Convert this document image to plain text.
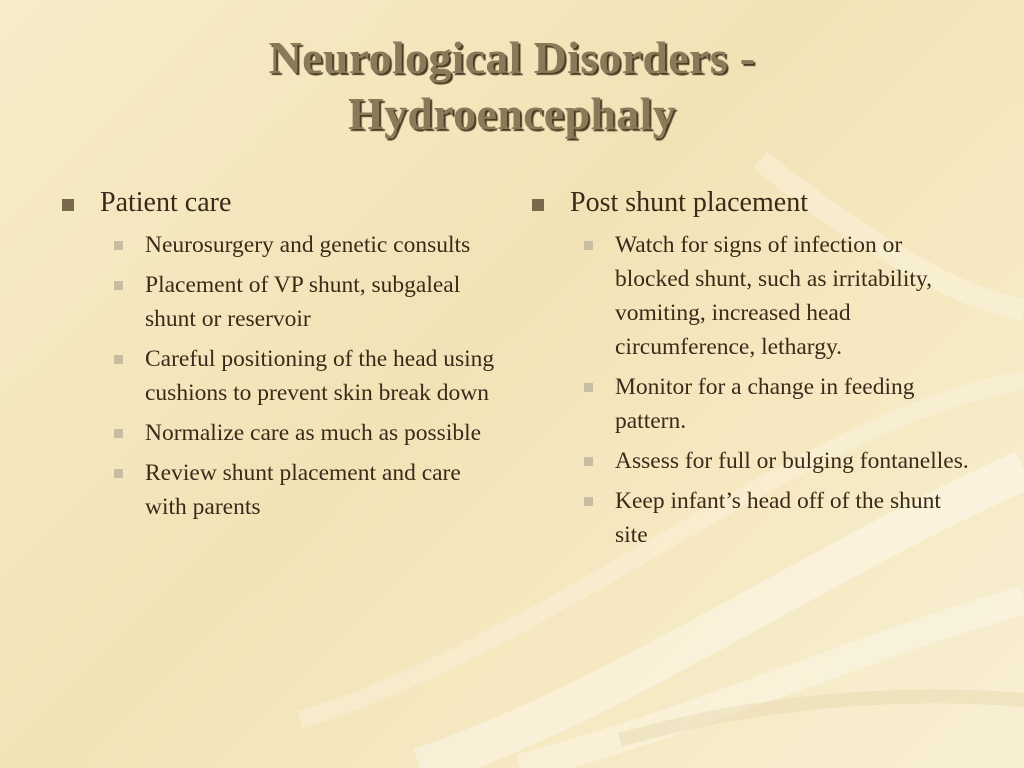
Neurological Disorders -
Hydroencephaly
Patient care
Neurosurgery and genetic consults
Placement of VP shunt, subgaleal shunt or reservoir
Careful positioning of the head using cushions to prevent skin break down
Normalize care as much as possible
Review shunt placement and care with parents
Post shunt placement
Watch for signs of infection or blocked shunt, such as irritability, vomiting, increased head circumference, lethargy.
Monitor for a change in feeding pattern.
Assess for full or bulging fontanelles.
Keep infant’s head off of the shunt site
